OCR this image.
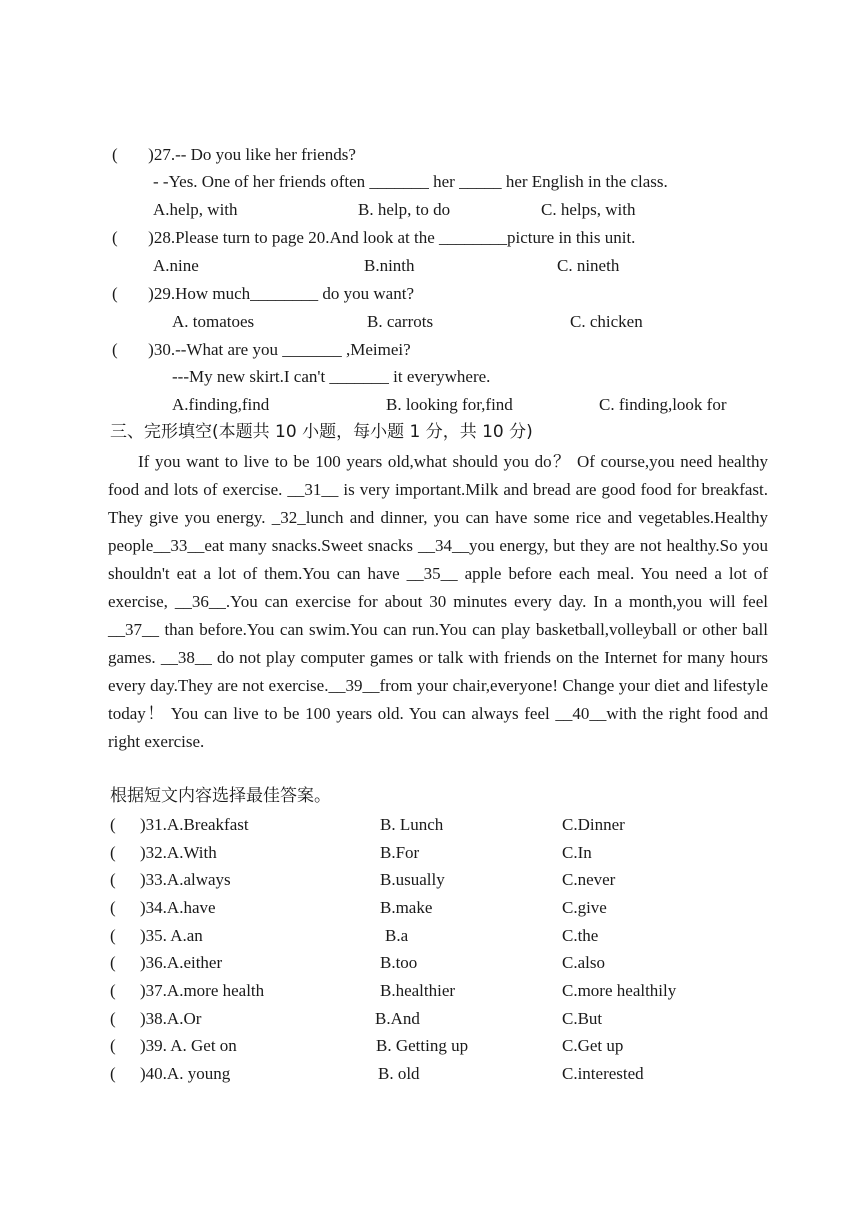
( )27.-- Do you like her friends?
- -Yes. One of her friends often _______ her _____ her English in the class.
A.help, with	B. help, to do	C. helps, with
( )28.Please turn to page 20.And look at the ________picture in this unit.
A.nine	B.ninth	C. nineth
( )29.How much________ do you want?
A. tomatoes	B. carrots	C. chicken
( )30.--What are you _______ ,Meimei?
---My new skirt.I can't _______ it everywhere.
A.finding,find	B. looking for,find	C. finding,look for
三、完形填空(本题共 10 小题，每小题 1 分，共 10 分)

If you want to live to be 100 years old,what should you do？ Of course,you need healthy food and lots of exercise. __31__ is very important.Milk and bread are good food for breakfast. They give you energy. _32_lunch and dinner, you can have some rice and vegetables.Healthy people__33__eat many snacks.Sweet snacks __34__you energy, but they are not healthy.So you shouldn't eat a lot of them.You can have __35__ apple before each meal. You need a lot of exercise, __36__.You can exercise for about 30 minutes every day. In a month,you will feel __37__ than before.You can swim.You can run.You can play basketball,volleyball or other ball games. __38__ do not play computer games or talk with friends on the Internet for many hours every day.They are not exercise.__39__from your chair,everyone! Change your diet and lifestyle today！ You can live to be 100 years old. You can always feel __40__with the right food and right exercise.

根据短文内容选择最佳答案。
( )31.A.Breakfast	B. Lunch	C.Dinner
( )32.A.With	B.For	C.In
( )33.A.always	B.usually	C.never
( )34.A.have	B.make	C.give
( )35. A.an	B.a	C.the
( )36.A.either	B.too	C.also
( )37.A.more health	B.healthier	C.more healthily
( )38.A.Or	B.And	C.But
( )39. A. Get on	B. Getting up	C.Get up
( )40.A. young	B. old	C.interested
